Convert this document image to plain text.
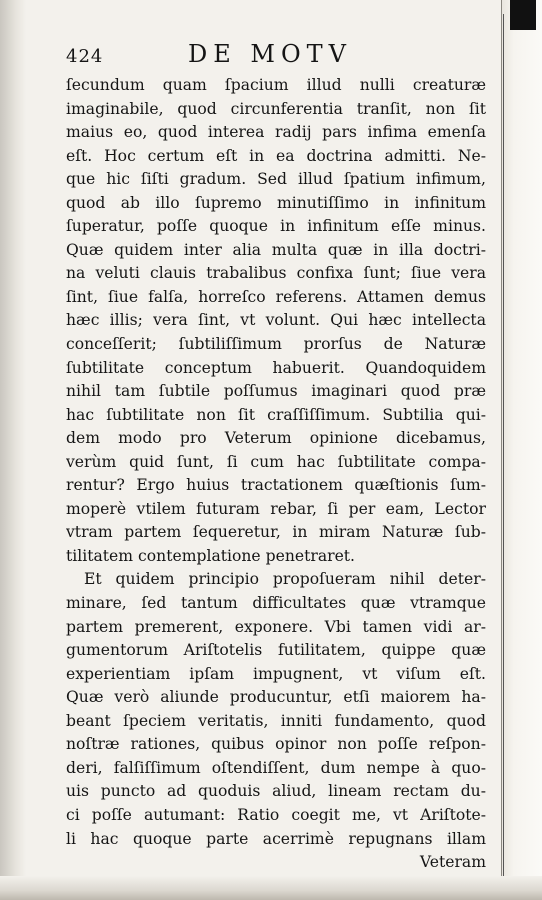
424	DE MOTV
ſecundum quam ſpacium illud nulli creaturæ
imaginabile, quod circunferentia tranſit, non ſit
maius eo, quod interea radij pars infima emenſa
eſt. Hoc certum eſt in ea doctrina admitti. Ne-
que hic ſiſti gradum. Sed illud ſpatium infimum,
quod ab illo ſupremo minutiſſimo in infinitum
ſuperatur, poſſe quoque in infinitum eſſe minus.
Quæ quidem inter alia multa quæ in illa doctri-
na veluti clauis trabalibus confixa ſunt; ſiue vera
ſint, ſiue falſa, horreſco referens. Attamen demus
hæc illis; vera ſint, vt volunt. Qui hæc intellecta
conceſſerit; ſubtiliſſimum prorſus de Naturæ
ſubtilitate conceptum habuerit. Quandoquidem
nihil tam ſubtile poſſumus imaginari quod præ
hac ſubtilitate non ſit craſſiſſimum. Subtilia qui-
dem modo pro Veterum opinione dicebamus,
verùm quid ſunt, ſi cum hac ſubtilitate compa-
rentur? Ergo huius tractationem quæſtionis ſum-
moperè vtilem futuram rebar, ſi per eam, Lector
vtram partem ſequeretur, in miram Naturæ ſub-
tilitatem contemplatione penetraret.
Et quidem principio propoſueram nihil deter-
minare, ſed tantum difficultates quæ vtramque
partem premerent, exponere. Vbi tamen vidi ar-
gumentorum Ariſtotelis futilitatem, quippe quæ
experientiam ipſam impugnent, vt viſum eſt.
Quæ verò aliunde producuntur, etſi maiorem ha-
beant ſpeciem veritatis, inniti fundamento, quod
noſtræ rationes, quibus opinor non poſſe reſpon-
deri, falſiſſimum oſtendiſſent, dum nempe à quo-
uis puncto ad quoduis aliud, lineam rectam du-
ci poſſe autumant: Ratio coegit me, vt Ariſtote-
li hac quoque parte acerrimè repugnans illam
Veteram
